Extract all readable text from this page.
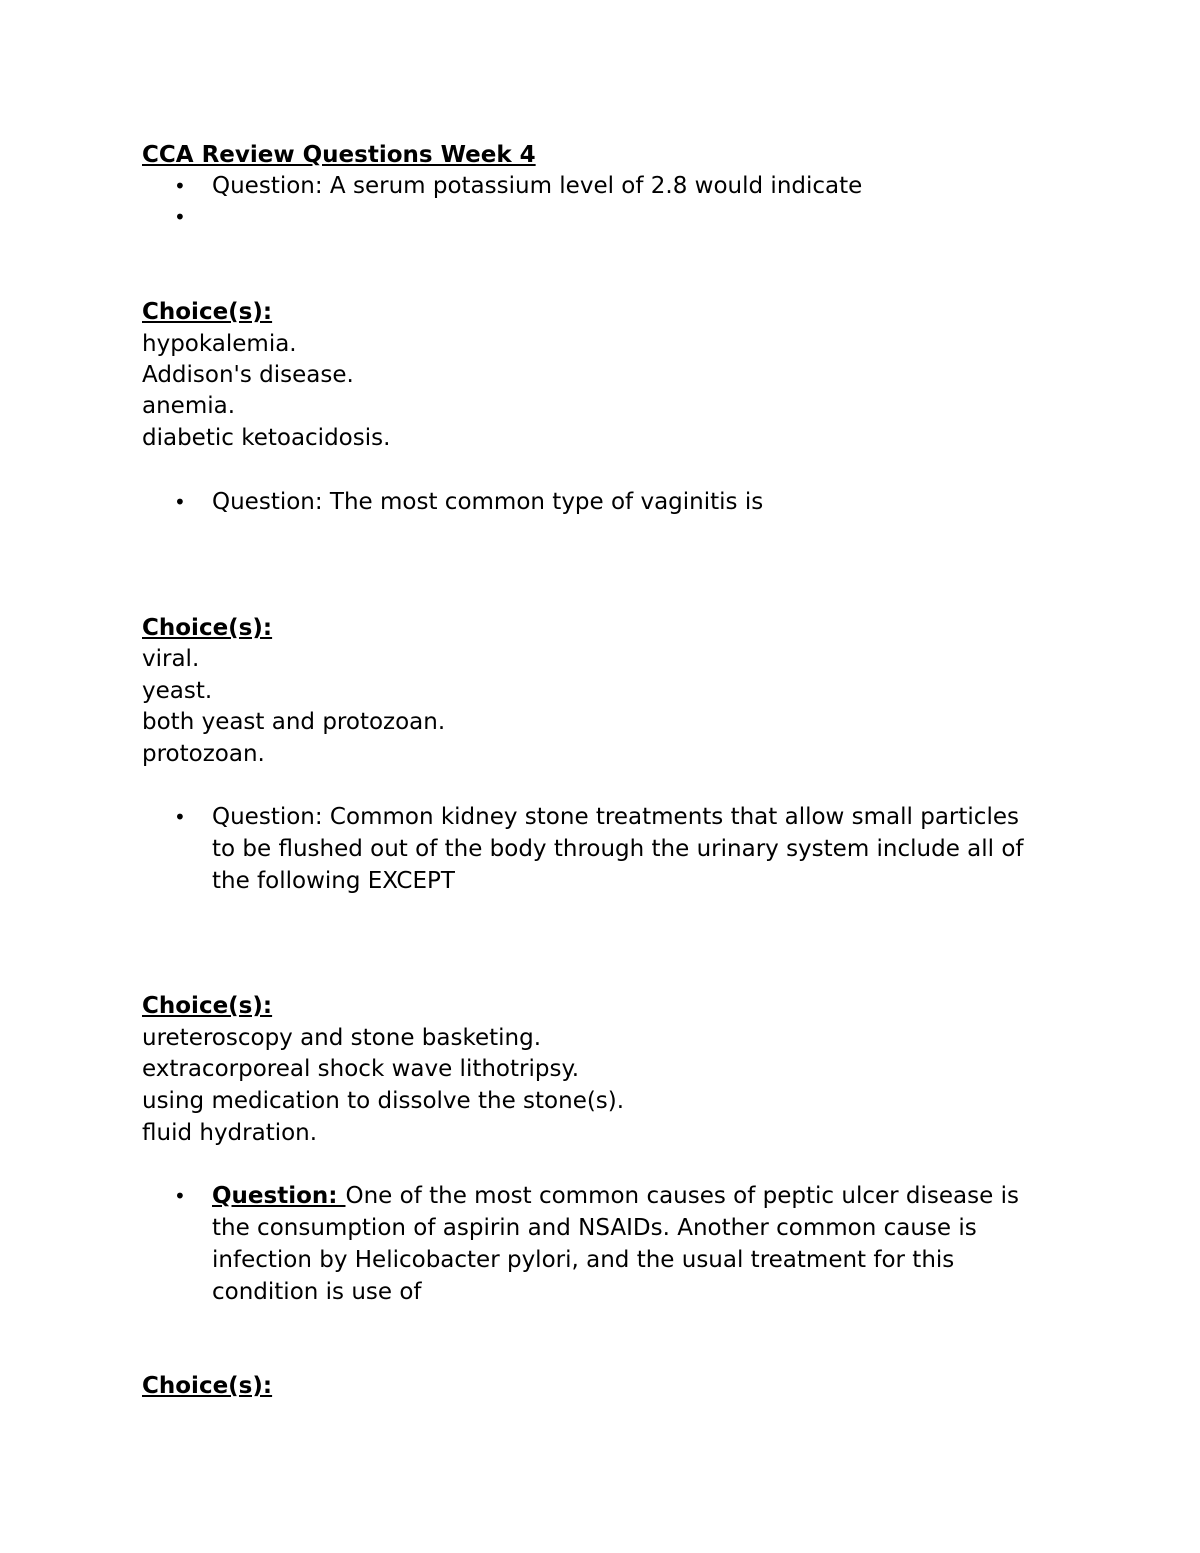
CCA Review Questions Week 4
•	Question: A serum potassium level of 2.8 would indicate
•
Choice(s):
hypokalemia.
Addison's disease.
anemia.
diabetic ketoacidosis.
•	Question: The most common type of vaginitis is
Choice(s):
viral.
yeast.
both yeast and protozoan.
protozoan.
•	Question: Common kidney stone treatments that allow small particles
to be flushed out of the body through the urinary system include all of
the following EXCEPT
Choice(s):
ureteroscopy and stone basketing.
extracorporeal shock wave lithotripsy.
using medication to dissolve the stone(s).
fluid hydration.
•	Question: One of the most common causes of peptic ulcer disease is
the consumption of aspirin and NSAIDs. Another common cause is
infection by Helicobacter pylori, and the usual treatment for this
condition is use of
Choice(s):
